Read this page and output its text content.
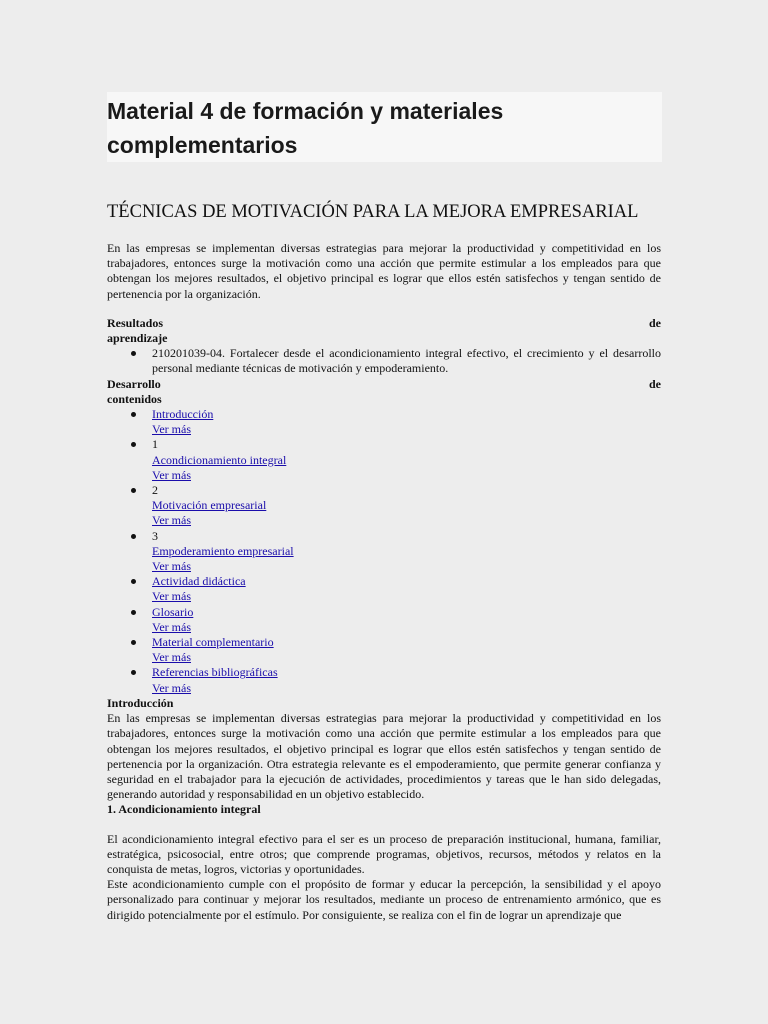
Material 4 de formación y materiales complementarios
TÉCNICAS DE MOTIVACIÓN PARA LA MEJORA EMPRESARIAL

En las empresas se implementan diversas estrategias para mejorar la productividad y competitividad en los trabajadores, entonces surge la motivación como una acción que permite estimular a los empleados para que obtengan los mejores resultados, el objetivo principal es lograr que ellos estén satisfechos y tengan sentido de pertenencia por la organización.

Resultados	de
aprendizaje

210201039-04. Fortalecer desde el acondicionamiento integral efectivo, el crecimiento y el desarrollo personal mediante técnicas de motivación y empoderamiento.

Desarrollo	de
contenidos
Introducción
Ver más
1
Acondicionamiento integral
Ver más
2
Motivación empresarial
Ver más
3
Empoderamiento empresarial
Ver más
Actividad didáctica
Ver más
Glosario
Ver más
Material complementario
Ver más
Referencias bibliográficas
Ver más
Introducción

En las empresas se implementan diversas estrategias para mejorar la productividad y competitividad en los trabajadores, entonces surge la motivación como una acción que permite estimular a los empleados para que obtengan los mejores resultados, el objetivo principal es lograr que ellos estén satisfechos y tengan sentido de pertenencia por la organización. Otra estrategia relevante es el empoderamiento, que permite generar confianza y seguridad en el trabajador para la ejecución de actividades, procedimientos y tareas que le han sido delegadas, generando autoridad y responsabilidad en un objetivo establecido.

1. Acondicionamiento integral

El acondicionamiento integral efectivo para el ser es un proceso de preparación institucional, humana, familiar, estratégica, psicosocial, entre otros; que comprende programas, objetivos, recursos, métodos y relatos en la conquista de metas, logros, victorias y oportunidades.

Este acondicionamiento cumple con el propósito de formar y educar la percepción, la sensibilidad y el apoyo personalizado para continuar y mejorar los resultados, mediante un proceso de entrenamiento armónico, que es dirigido potencialmente por el estímulo. Por consiguiente, se realiza con el fin de lograr un aprendizaje que
